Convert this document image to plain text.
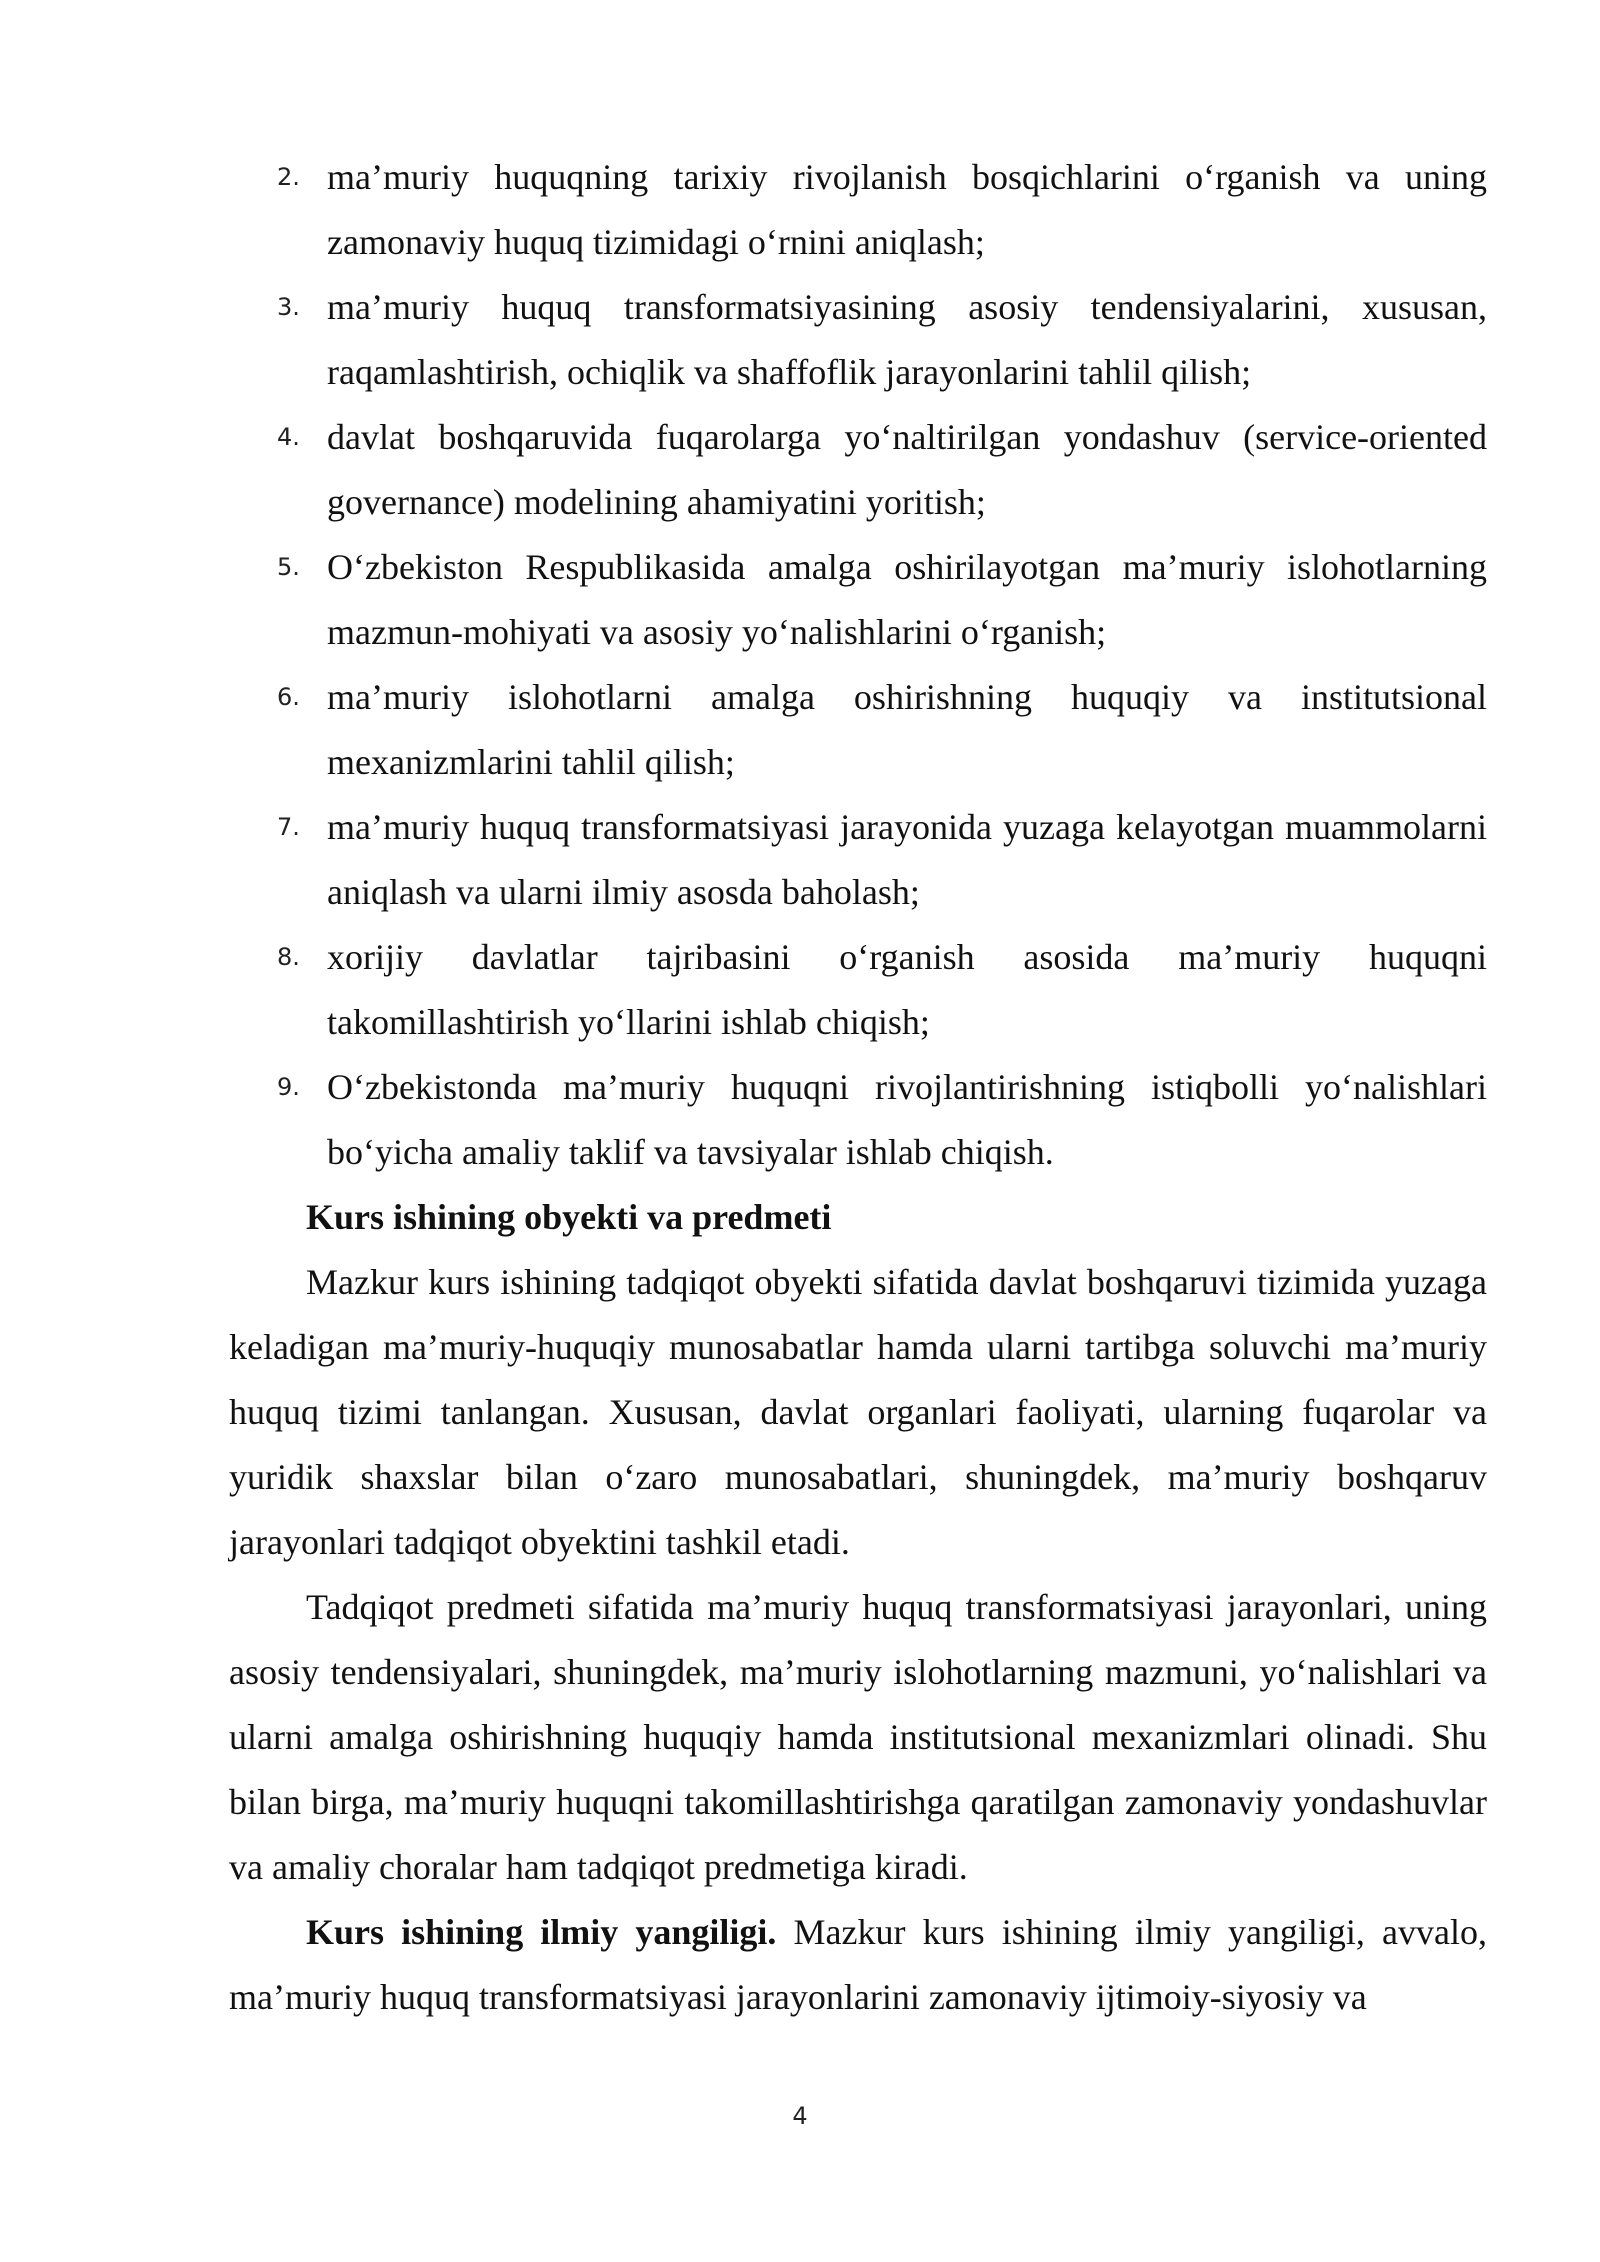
2. ma’muriy huquqning tarixiy rivojlanish bosqichlarini o‘rganish va uning zamonaviy huquq tizimidagi o‘rnini aniqlash;
3. ma’muriy huquq transformatsiyasining asosiy tendensiyalarini, xususan, raqamlashtirish, ochiqlik va shaffoflik jarayonlarini tahlil qilish;
4. davlat boshqaruvida fuqarolarga yo‘naltirilgan yondashuv (service-oriented governance) modelining ahamiyatini yoritish;
5. O‘zbekiston Respublikasida amalga oshirilayotgan ma’muriy islohotlarning mazmun-mohiyati va asosiy yo‘nalishlarini o‘rganish;
6. ma’muriy islohotlarni amalga oshirishning huquqiy va institutsional mexanizmlarini tahlil qilish;
7. ma’muriy huquq transformatsiyasi jarayonida yuzaga kelayotgan muammolarni aniqlash va ularni ilmiy asosda baholash;
8. xorijiy davlatlar tajribasini o‘rganish asosida ma’muriy huquqni takomillashtirish yo‘llarini ishlab chiqish;
9. O‘zbekistonda ma’muriy huquqni rivojlantirishning istiqbolli yo‘nalishlari bo‘yicha amaliy taklif va tavsiyalar ishlab chiqish.
Kurs ishining obyekti va predmeti

Mazkur kurs ishining tadqiqot obyekti sifatida davlat boshqaruvi tizimida yuzaga keladigan ma’muriy-huquqiy munosabatlar hamda ularni tartibga soluvchi ma’muriy huquq tizimi tanlangan. Xususan, davlat organlari faoliyati, ularning fuqarolar va yuridik shaxslar bilan o‘zaro munosabatlari, shuningdek, ma’muriy boshqaruv jarayonlari tadqiqot obyektini tashkil etadi.

Tadqiqot predmeti sifatida ma’muriy huquq transformatsiyasi jarayonlari, uning asosiy tendensiyalari, shuningdek, ma’muriy islohotlarning mazmuni, yo‘nalishlari va ularni amalga oshirishning huquqiy hamda institutsional mexanizmlari olinadi. Shu bilan birga, ma’muriy huquqni takomillashtirishga qaratilgan zamonaviy yondashuvlar va amaliy choralar ham tadqiqot predmetiga kiradi.

Kurs ishining ilmiy yangiligi. Mazkur kurs ishining ilmiy yangiligi, avvalo, ma’muriy huquq transformatsiyasi jarayonlarini zamonaviy ijtimoiy-siyosiy va

4
